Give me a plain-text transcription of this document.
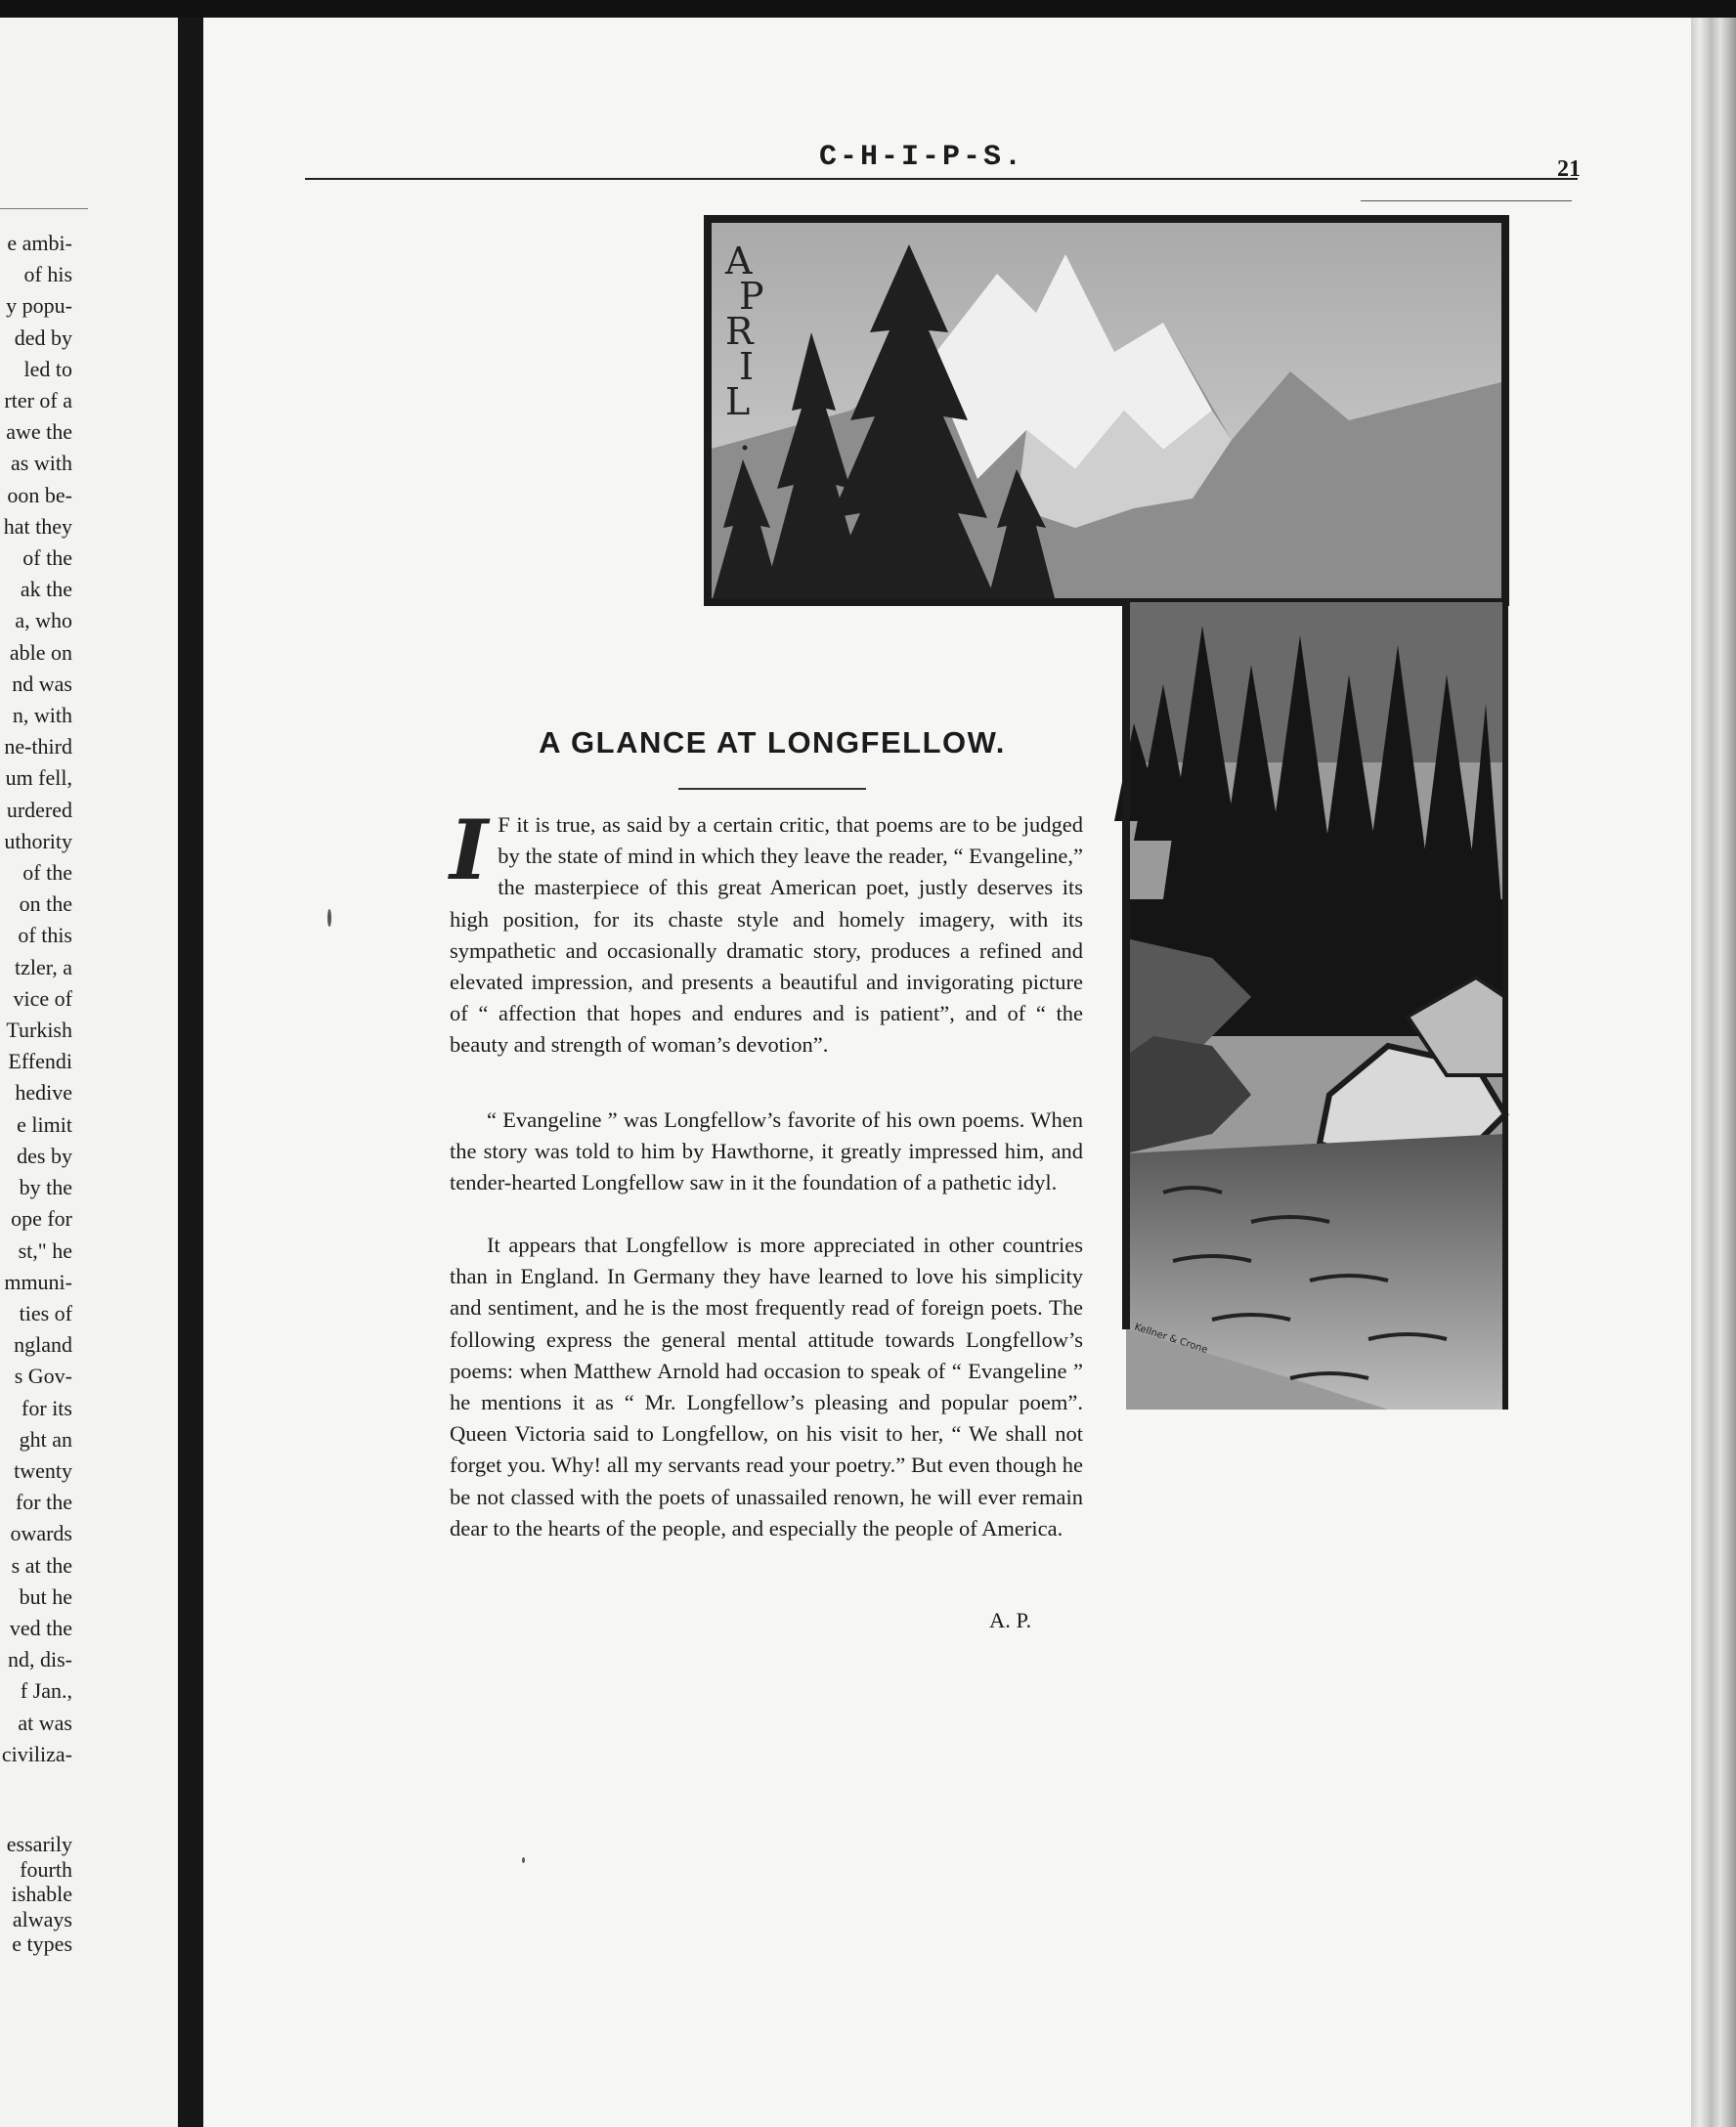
e ambi-
of his
y popu-
ded by
led to
rter of a
awe the
as with
oon be-
hat they
of the
ak the
a, who
able on
nd was
n, with
ne-third
um fell,
urdered
uthority
of the
on the
of this
tzler, a
vice of
Turkish
Effendi
hedive
e limit
des by
by the
ope for
st," he
mmuni-
ties of
ngland
s Gov-
for its
ght an
twenty
for the
owards
s at the
but he
ved the
nd, dis-
f Jan.,
at was
civiliza-
essarily
fourth
ishable
always
e types
C-H-I-P-S.	21
A P R I L .
Kellner & Crone
A GLANCE AT LONGFELLOW.

I F it is true, as said by a certain critic, that poems are to be judged by the state of mind in which they leave the reader, “ Evangeline,” the masterpiece of this great American poet, justly deserves its high position, for its chaste style and homely imagery, with its sympathetic and occasionally dramatic story, produces a refined and elevated impression, and presents a beautiful and invigorating picture of “ affection that hopes and endures and is patient”, and of “ the beauty and strength of woman’s devotion”.

“ Evangeline ” was Longfellow’s favorite of his own poems. When the story was told to him by Hawthorne, it greatly impressed him, and tender-hearted Longfellow saw in it the foundation of a pathetic idyl.

It appears that Longfellow is more appreciated in other countries than in England. In Germany they have learned to love his simplicity and sentiment, and he is the most frequently read of foreign poets. The following express the general mental attitude towards Longfellow’s poems: when Matthew Arnold had occasion to speak of “ Evangeline ” he mentions it as “ Mr. Longfellow’s pleasing and popular poem”. Queen Victoria said to Longfellow, on his visit to her, “ We shall not forget you. Why! all my servants read your poetry.” But even though he be not classed with the poets of unassailed renown, he will ever remain dear to the hearts of the people, and especially the people of America.

A. P.
